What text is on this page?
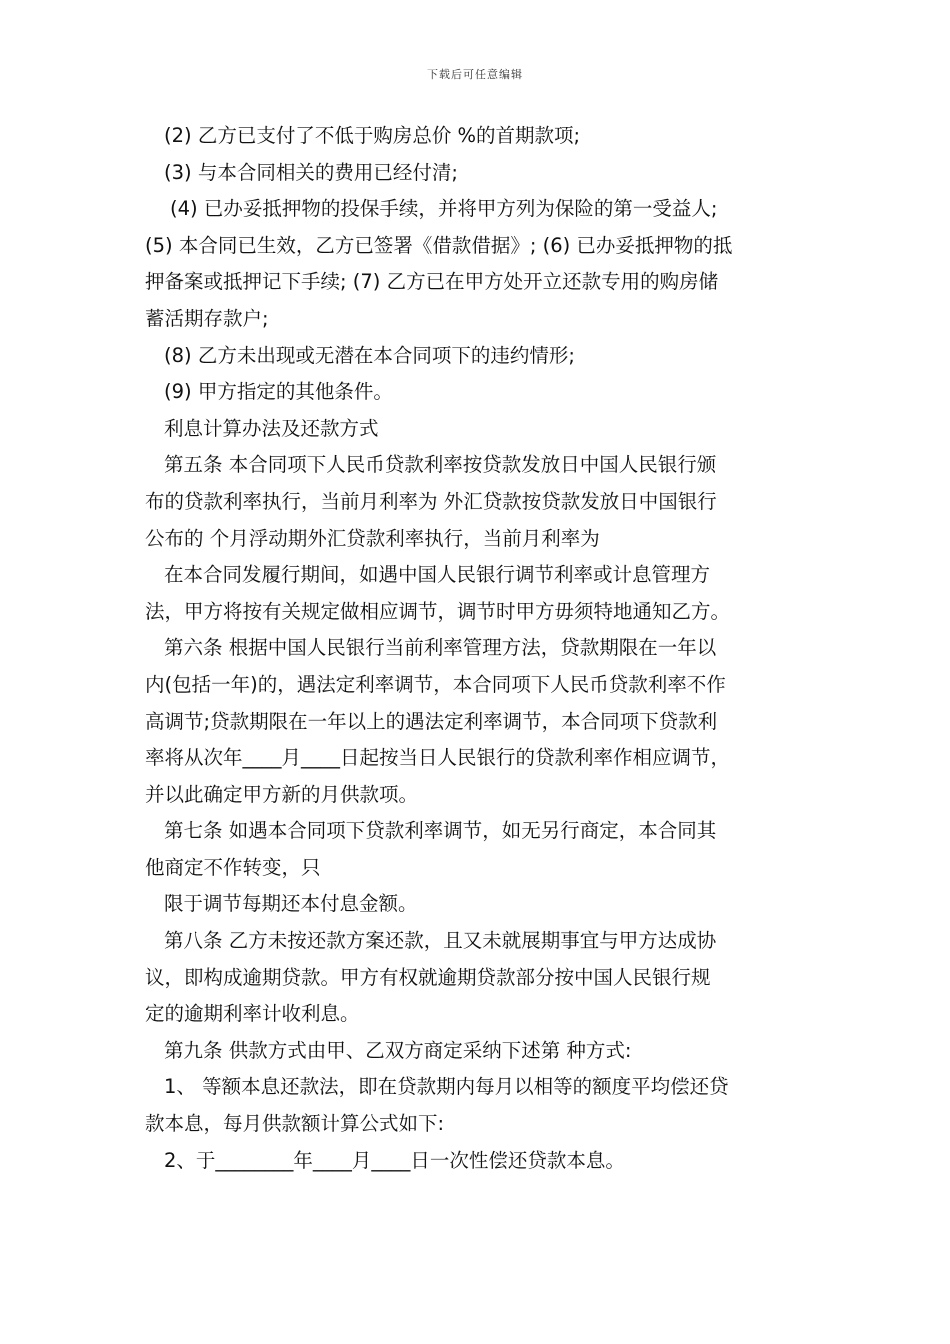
下载后可任意编辑
(2) 乙方已支付了不低于购房总价 %的首期款项;
(3) 与本合同相关的费用已经付清;
(4) 已办妥抵押物的投保手续，并将甲方列为保险的第一受益人;
(5) 本合同已生效，乙方已签署《借款借据》; (6) 已办妥抵押物的抵
押备案或抵押记下手续; (7) 乙方已在甲方处开立还款专用的购房储
蓄活期存款户;
(8) 乙方未出现或无潜在本合同项下的违约情形;
(9) 甲方指定的其他条件。
利息计算办法及还款方式
第五条 本合同项下人民币贷款利率按贷款发放日中国人民银行颁
布的贷款利率执行，当前月利率为 外汇贷款按贷款发放日中国银行
公布的 个月浮动期外汇贷款利率执行，当前月利率为
在本合同发履行期间，如遇中国人民银行调节利率或计息管理方
法，甲方将按有关规定做相应调节，调节时甲方毋须特地通知乙方。
第六条 根据中国人民银行当前利率管理方法，贷款期限在一年以
内(包括一年)的，遇法定利率调节，本合同项下人民币贷款利率不作
高调节;贷款期限在一年以上的遇法定利率调节，本合同项下贷款利
率将从次年____月____日起按当日人民银行的贷款利率作相应调节，
并以此确定甲方新的月供款项。
第七条 如遇本合同项下贷款利率调节，如无另行商定，本合同其
他商定不作转变，只
限于调节每期还本付息金额。
第八条 乙方未按还款方案还款，且又未就展期事宜与甲方达成协
议，即构成逾期贷款。甲方有权就逾期贷款部分按中国人民银行规
定的逾期利率计收利息。
第九条 供款方式由甲、乙双方商定采纳下述第 种方式:
1、 等额本息还款法，即在贷款期内每月以相等的额度平均偿还贷
款本息，每月供款额计算公式如下:
2、于________年____月____日一次性偿还贷款本息。
